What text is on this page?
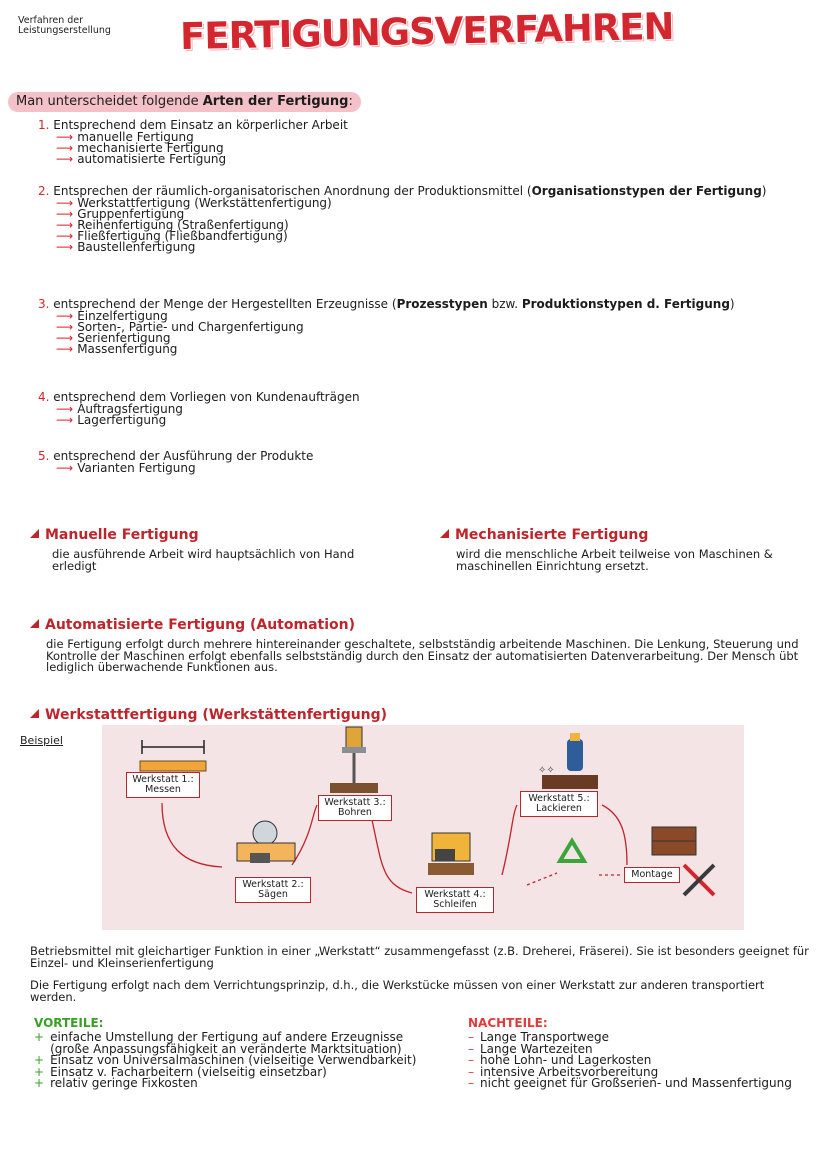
Verfahren der Leistungserstellung	FERTIGUNGSVERFAHREN
Man unterscheidet folgende Arten der Fertigung:
1. Entsprechend dem Einsatz an körperlicher Arbeit
⟶ manuelle Fertigung
⟶ mechanisierte Fertigung
⟶ automatisierte Fertigung
2. Entsprechen der räumlich-organisatorischen Anordnung der Produktionsmittel (Organisationstypen der Fertigung)
⟶ Werkstattfertigung (Werkstättenfertigung)
⟶ Gruppenfertigung
⟶ Reihenfertigung (Straßenfertigung)
⟶ Fließfertigung (Fließbandfertigung)
⟶ Baustellenfertigung
3. entsprechend der Menge der Hergestellten Erzeugnisse (Prozesstypen bzw. Produktionstypen d. Fertigung)
⟶ Einzelfertigung
⟶ Sorten-, Partie- und Chargenfertigung
⟶ Serienfertigung
⟶ Massenfertigung
4. entsprechend dem Vorliegen von Kundenaufträgen
⟶ Auftragsfertigung
⟶ Lagerfertigung
5. entsprechend der Ausführung der Produkte
⟶ Varianten Fertigung
Manuelle Fertigung
die ausführende Arbeit wird hauptsächlich von Hand erledigt
Mechanisierte Fertigung
wird die menschliche Arbeit teilweise von Maschinen & maschinellen Einrichtung ersetzt.
Automatisierte Fertigung (Automation)
die Fertigung erfolgt durch mehrere hintereinander geschaltete, selbstständig arbeitende Maschinen. Die Lenkung, Steuerung und Kontrolle der Maschinen erfolgt ebenfalls selbstständig durch den Einsatz der automatisierten Datenverarbeitung. Der Mensch übt lediglich überwachende Funktionen aus.
Werkstattfertigung (Werkstättenfertigung)
Beispiel
✧✧
Werkstatt 1.:
Messen
Werkstatt 2.:
Sägen
Werkstatt 3.:
Bohren
Werkstatt 4.:
Schleifen
Werkstatt 5.:
Lackieren
Montage
Betriebsmittel mit gleichartiger Funktion in einer „Werkstatt“ zusammengefasst (z.B. Dreherei, Fräserei). Sie ist besonders geeignet für Einzel- und Kleinserienfertigung
Die Fertigung erfolgt nach dem Verrichtungsprinzip, d.h., die Werkstücke müssen von einer Werkstatt zur anderen transportiert werden.
VORTEILE:
+ einfache Umstellung der Fertigung auf andere Erzeugnisse (große Anpassungsfähigkeit an veränderte Marktsituation)
+ Einsatz von Universalmaschinen (vielseitige Verwendbarkeit)
+ Einsatz v. Facharbeitern (vielseitig einsetzbar)
+ relativ geringe Fixkosten
NACHTEILE:
– Lange Transportwege
– Lange Wartezeiten
– hohe Lohn- und Lagerkosten
– intensive Arbeitsvorbereitung
– nicht geeignet für Großserien- und Massenfertigung
